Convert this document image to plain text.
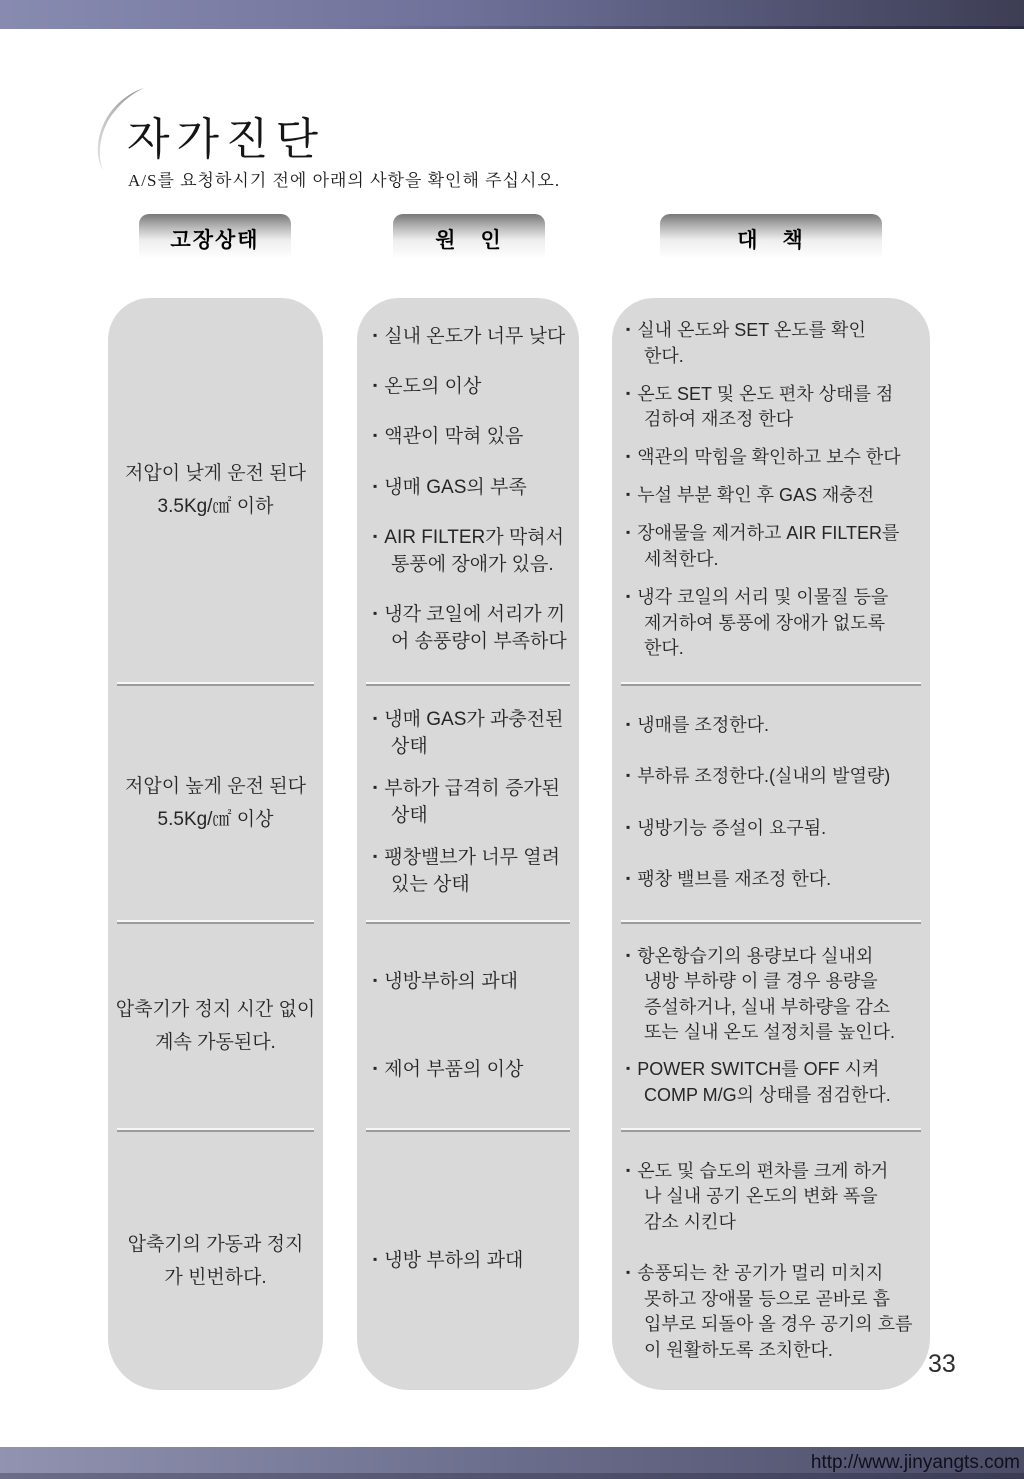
자가진단

A/S를 요청하시기 전에 아래의 사항을 확인해 주십시오.

고장상태	원　인	대　책
저압이 낮게 운전 된다
3.5Kg/㎠ 이하
저압이 높게 운전 된다
5.5Kg/㎠ 이상
압축기가 정지 시간 없이
계속 가동된다.
압축기의 가동과 정지
가 빈번하다.
▪ 실내 온도가 너무 낮다
▪ 온도의 이상
▪ 액관이 막혀 있음
▪ 냉매 GAS의 부족
▪ AIR FILTER가 막혀서
통풍에 장애가 있음.
▪ 냉각 코일에 서리가 끼
어 송풍량이 부족하다
▪ 냉매 GAS가 과충전된
상태
▪ 부하가 급격히 증가된
상태
▪ 팽창밸브가 너무 열려
있는 상태
▪ 냉방부하의 과대
▪ 제어 부품의 이상
▪ 냉방 부하의 과대
▪ 실내 온도와 SET 온도를 확인
한다.
▪ 온도 SET 및 온도 편차 상태를 점
검하여 재조정 한다
▪ 액관의 막힘을 확인하고 보수 한다
▪ 누설 부분 확인 후 GAS 재충전
▪ 장애물을 제거하고 AIR FILTER를
세척한다.
▪ 냉각 코일의 서리 및 이물질 등을
제거하여 통풍에 장애가 없도록
한다.
▪ 냉매를 조정한다.
▪ 부하류 조정한다.(실내의 발열량)
▪ 냉방기능 증설이 요구됨.
▪ 팽창 밸브를 재조정 한다.
▪ 항온항습기의 용량보다 실내외
냉방 부하량 이 클 경우 용량을
증설하거나, 실내 부하량을 감소
또는 실내 온도 설정치를 높인다.
▪ POWER SWITCH를 OFF 시켜
COMP M/G의 상태를 점검한다.
▪ 온도 및 습도의 편차를 크게 하거
나 실내 공기 온도의 변화 폭을
감소 시킨다
▪ 송풍되는 찬 공기가 멀리 미치지
못하고 장애물 등으로 곧바로 흡
입부로 되돌아 올 경우 공기의 흐름
이 원활하도록 조치한다.
33
http://www.jinyangts.com
